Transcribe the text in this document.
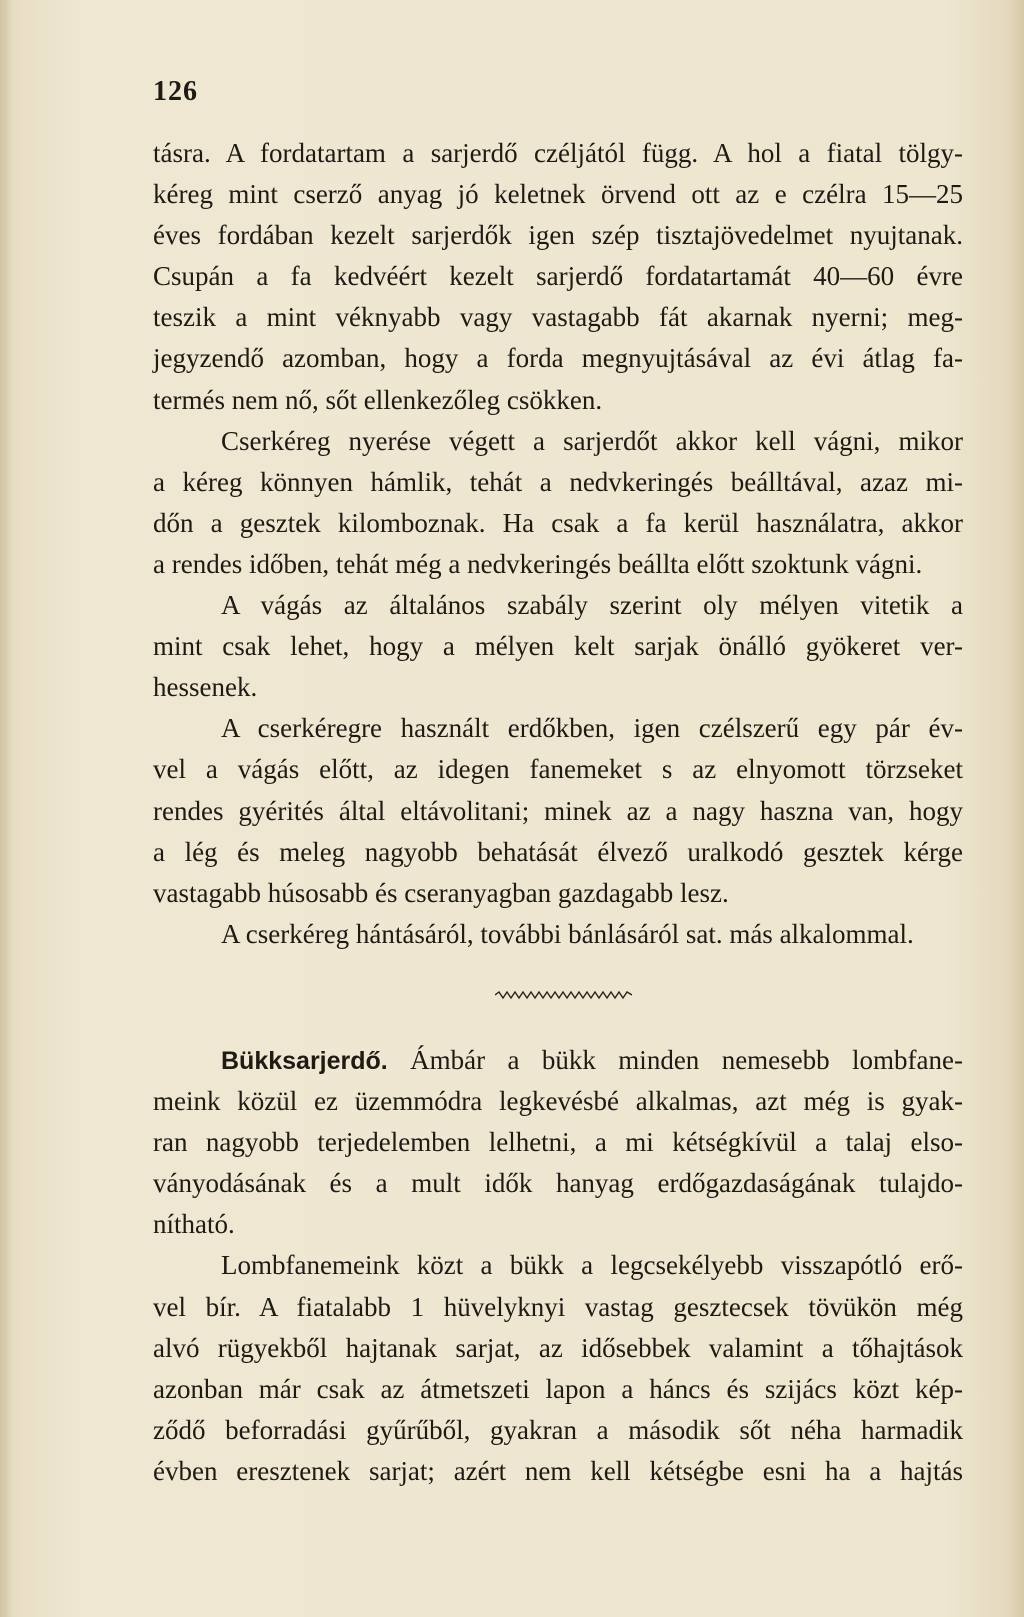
126
tásra. A fordatartam a sarjerdő czéljától függ. A hol a fiatal tölgy-
kéreg mint cserző anyag jó keletnek örvend ott az e czélra 15—25
éves fordában kezelt sarjerdők igen szép tisztajövedelmet nyujtanak.
Csupán a fa kedvéért kezelt sarjerdő fordatartamát 40—60 évre
teszik a mint véknyabb vagy vastagabb fát akarnak nyerni; meg-
jegyzendő azomban, hogy a forda megnyujtásával az évi átlag fa-
termés nem nő, sőt ellenkezőleg csökken.
Cserkéreg nyerése végett a sarjerdőt akkor kell vágni, mikor
a kéreg könnyen hámlik, tehát a nedvkeringés beálltával, azaz mi-
dőn a gesztek kilomboznak. Ha csak a fa kerül használatra, akkor
a rendes időben, tehát még a nedvkeringés beállta előtt szoktunk vágni.
A vágás az általános szabály szerint oly mélyen vitetik a
mint csak lehet, hogy a mélyen kelt sarjak önálló gyökeret ver-
hessenek.
A cserkéregre használt erdőkben, igen czélszerű egy pár év-
vel a vágás előtt, az idegen fanemeket s az elnyomott törzseket
rendes gyérités által eltávolitani; minek az a nagy haszna van, hogy
a lég és meleg nagyobb behatását élvező uralkodó gesztek kérge
vastagabb húsosabb és cseranyagban gazdagabb lesz.
A cserkéreg hántásáról, további bánlásáról sat. más alkalommal.
Bükksarjerdő. Ámbár a bükk minden nemesebb lombfane-
meink közül ez üzemmódra legkevésbé alkalmas, azt még is gyak-
ran nagyobb terjedelemben lelhetni, a mi kétségkívül a talaj elso-
ványodásának és a mult idők hanyag erdőgazdaságának tulajdo-
nítható.
Lombfanemeink közt a bükk a legcsekélyebb visszapótló erő-
vel bír. A fiatalabb 1 hüvelyknyi vastag gesztecsek tövükön még
alvó rügyekből hajtanak sarjat, az idősebbek valamint a tőhajtások
azonban már csak az átmetszeti lapon a háncs és szijács közt kép-
ződő beforradási gyűrűből, gyakran a második sőt néha harmadik
évben eresztenek sarjat; azért nem kell kétségbe esni ha a hajtás
